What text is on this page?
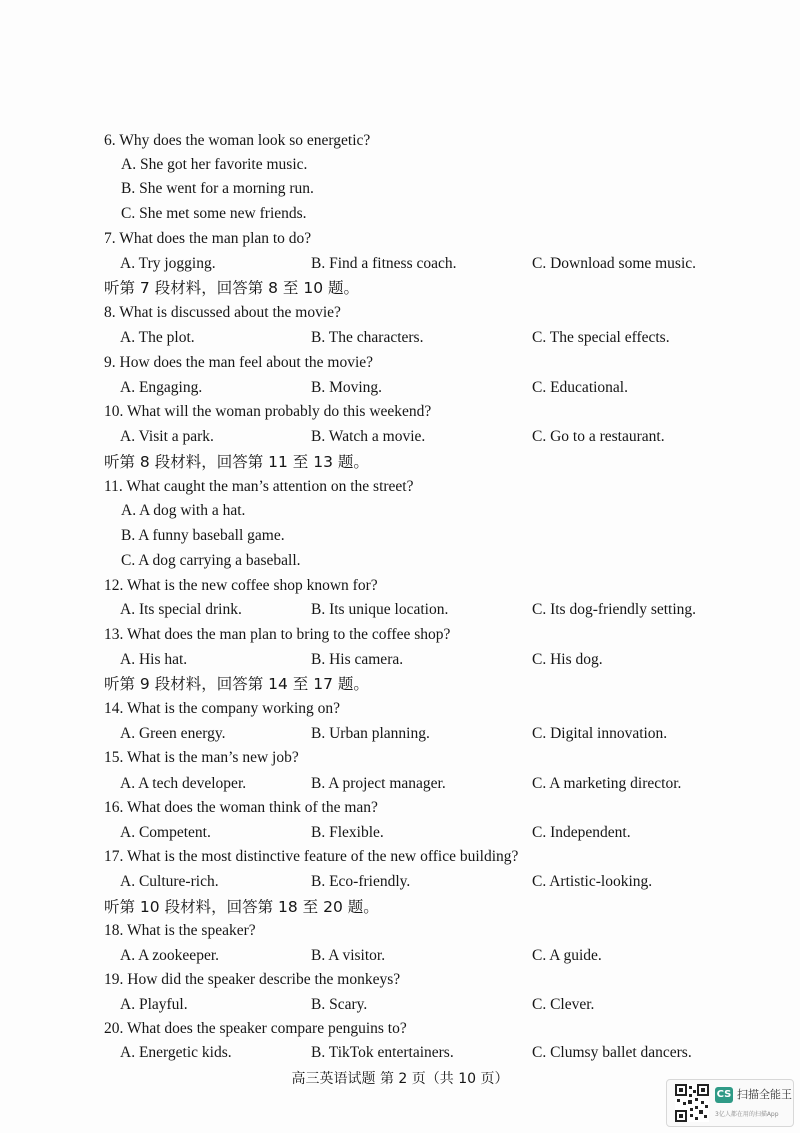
6. Why does the woman look so energetic?
A. She got her favorite music.
B. She went for a morning run.
C. She met some new friends.
7. What does the man plan to do?
A. Try jogging.	B. Find a fitness coach.	C. Download some music.
听第 7 段材料，回答第 8 至 10 题。
8. What is discussed about the movie?
A. The plot.	B. The characters.	C. The special effects.
9. How does the man feel about the movie?
A. Engaging.	B. Moving.	C. Educational.
10. What will the woman probably do this weekend?
A. Visit a park.	B. Watch a movie.	C. Go to a restaurant.
听第 8 段材料，回答第 11 至 13 题。
11. What caught the man’s attention on the street?
A. A dog with a hat.
B. A funny baseball game.
C. A dog carrying a baseball.
12. What is the new coffee shop known for?
A. Its special drink.	B. Its unique location.	C. Its dog-friendly setting.
13. What does the man plan to bring to the coffee shop?
A. His hat.	B. His camera.	C. His dog.
听第 9 段材料，回答第 14 至 17 题。
14. What is the company working on?
A. Green energy.	B. Urban planning.	C. Digital innovation.
15. What is the man’s new job?
A. A tech developer.	B. A project manager.	C. A marketing director.
16. What does the woman think of the man?
A. Competent.	B. Flexible.	C. Independent.
17. What is the most distinctive feature of the new office building?
A. Culture-rich.	B. Eco-friendly.	C. Artistic-looking.
听第 10 段材料，回答第 18 至 20 题。
18. What is the speaker?
A. A zookeeper.	B. A visitor.	C. A guide.
19. How did the speaker describe the monkeys?
A. Playful.	B. Scary.	C. Clever.
20. What does the speaker compare penguins to?
A. Energetic kids.	B. TikTok entertainers.	C. Clumsy ballet dancers.
高三英语试题 第 2 页（共 10 页）
CS 扫描全能王
3亿人都在用的扫描App
